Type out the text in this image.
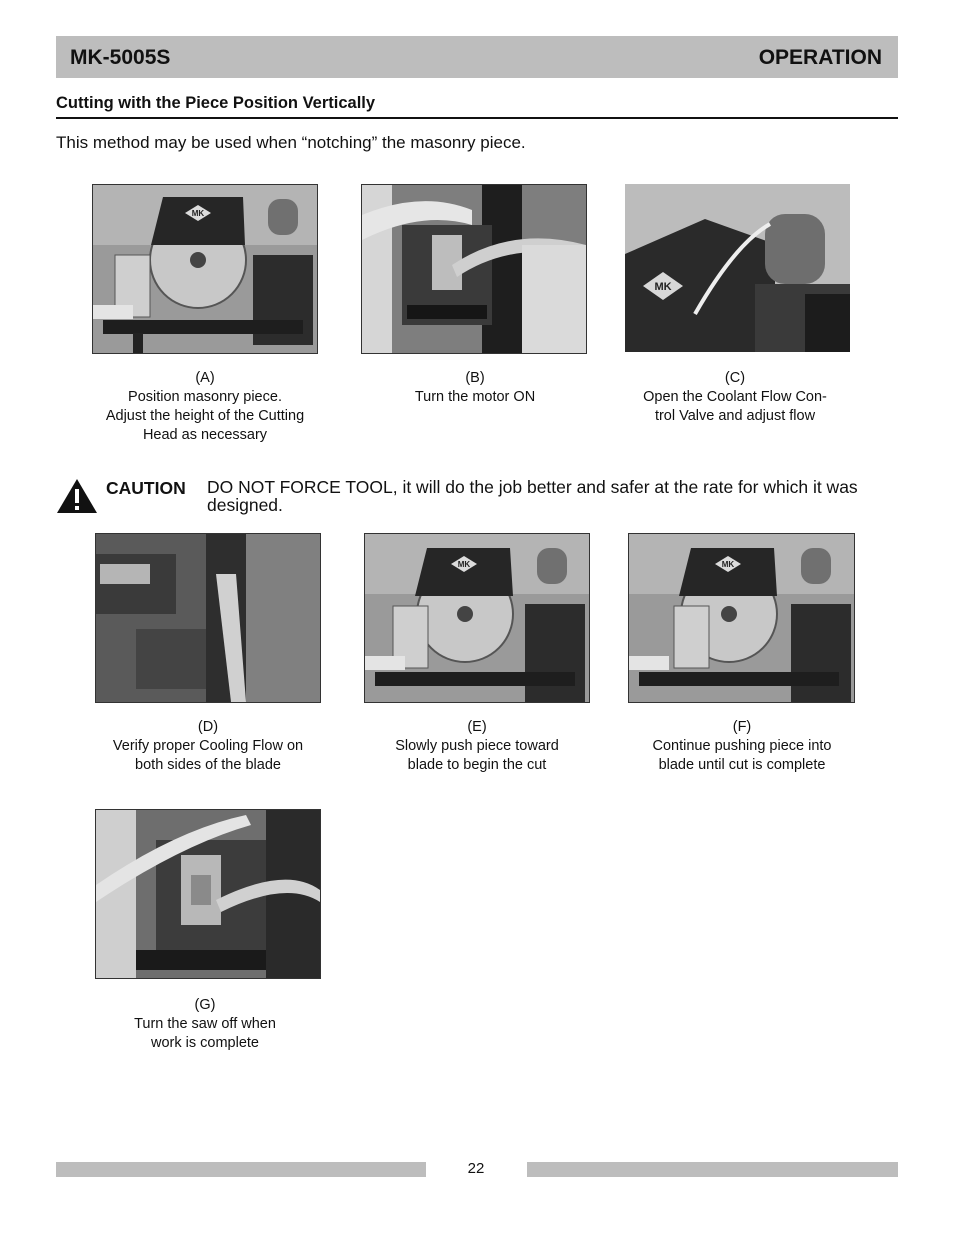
MK-5005S	OPERATION
Cutting with the Piece Position Vertically
This method may be used when “notching” the masonry piece.
MK
(A)
Position masonry piece.
Adjust the height of the Cutting
Head as necessary
(B)
Turn the motor ON
MK
(C)
Open the Coolant Flow Con-
trol Valve and adjust flow
CAUTION DO NOT FORCE TOOL, it will do the job better and safer at the rate for which it was designed.
(D)
Verify proper Cooling Flow on
both sides of the blade
MK
(E)
Slowly push piece toward
blade to begin the cut
MK
(F)
Continue pushing piece into
blade until cut is complete
(G)
Turn the saw off when
work is complete
22
